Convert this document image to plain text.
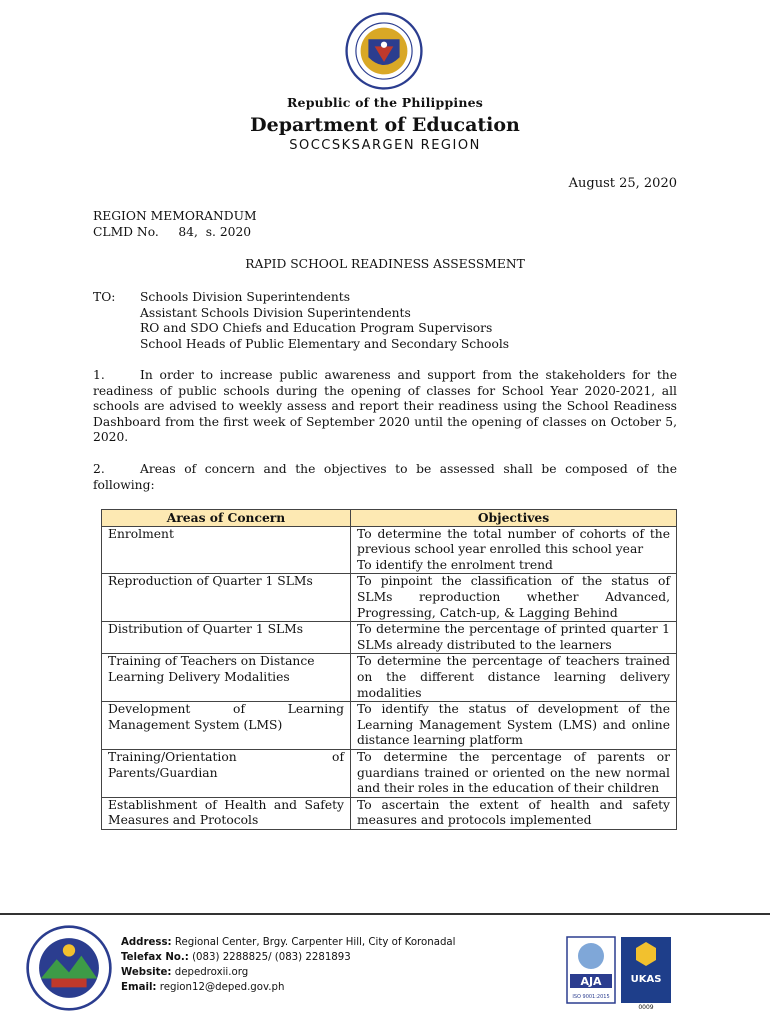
Republic of the Philippines
Department of Education
SOCCSKSARGEN REGION
August 25, 2020
REGION MEMORANDUM
CLMD No.     84,  s. 2020
RAPID SCHOOL READINESS ASSESSMENT
TO: Schools Division Superintendents
Assistant Schools Division Superintendents
RO and SDO Chiefs and Education Program Supervisors
School Heads of Public Elementary and Secondary Schools
1.	In order to increase public awareness and support from the stakeholders for the readiness of public schools during the opening of classes for School Year 2020-2021, all schools are advised to weekly assess and report their readiness using the School Readiness Dashboard from the first week of September 2020 until the opening of classes on October 5, 2020.
2.	Areas of concern and the objectives to be assessed shall be composed of the following:
Areas of Concern	Objectives
Enrolment	To determine the total number of cohorts of the previous school year enrolled this school year
To identify the enrolment trend

Reproduction of Quarter 1 SLMs	To pinpoint the classification of the status of SLMs reproduction whether Advanced, Progressing, Catch-up, & Lagging Behind
Distribution of Quarter 1 SLMs	To determine the percentage of printed quarter 1 SLMs already distributed to the learners
Training of Teachers on Distance Learning Delivery Modalities	To determine the percentage of teachers trained on the different distance learning delivery modalities
Development of Learning Management System (LMS)	To identify the status of development of the Learning Management System (LMS) and online distance learning platform
Training/Orientation of Parents/Guardian	To determine the percentage of parents or guardians trained or oriented on the new normal and their roles in the education of their children
Establishment of Health and Safety Measures and Protocols	To ascertain the extent of health and safety measures and protocols implemented
Address: Regional Center, Brgy. Carpenter Hill, City of Koronadal
Telefax No.: (083) 2288825/ (083) 2281893
Website: depedroxii.org
Email: region12@deped.gov.ph	AJA
ISO 9001:2015
UKAS
0009
